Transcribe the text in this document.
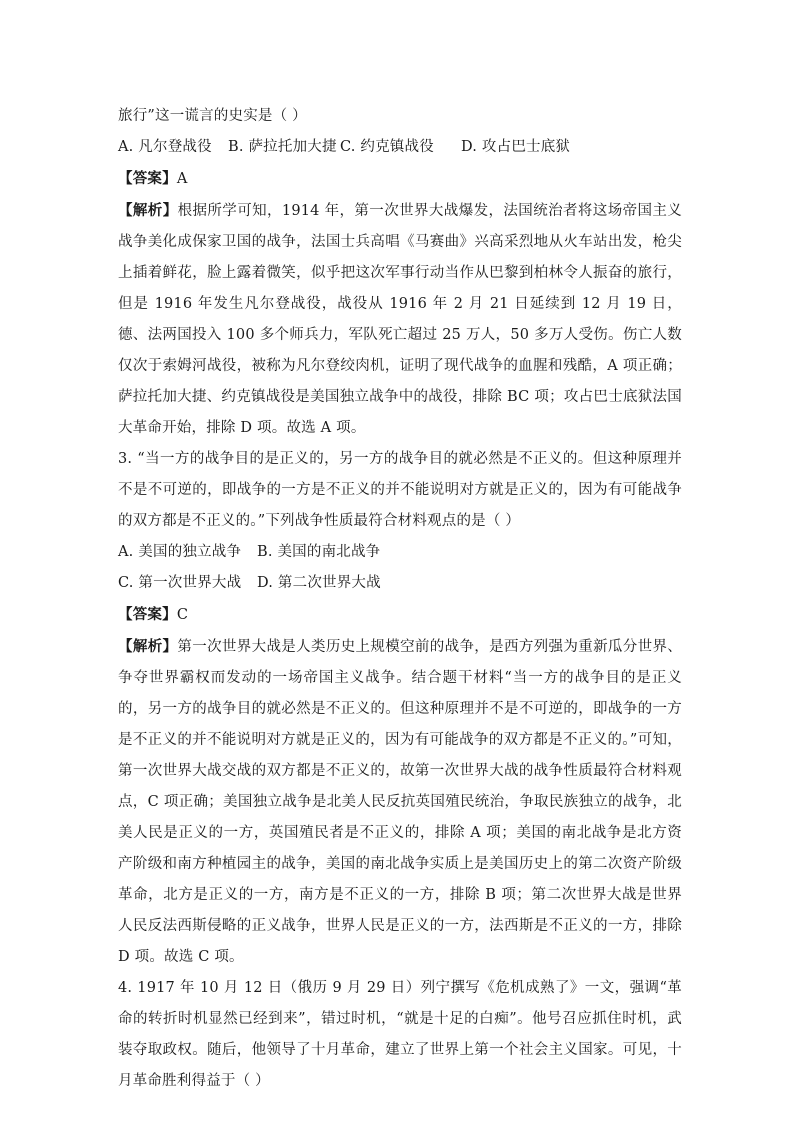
旅行”这一谎言的史实是（ ）

A. 凡尔登战役	B. 萨拉托加大捷 C. 约克镇战役	D. 攻占巴士底狱

【答案】A

【解析】根据所学可知，1914 年，第一次世界大战爆发，法国统治者将这场帝国主义战争美化成保家卫国的战争，法国士兵高唱《马赛曲》兴高采烈地从火车站出发，枪尖上插着鲜花，脸上露着微笑，似乎把这次军事行动当作从巴黎到柏林令人振奋的旅行，但是 1916 年发生凡尔登战役，战役从 1916 年 2 月 21 日延续到 12 月 19 日，德、法两国投入 100 多个师兵力，军队死亡超过 25 万人，50 多万人受伤。伤亡人数仅次于索姆河战役，被称为凡尔登绞肉机，证明了现代战争的血腥和残酷，A 项正确；萨拉托加大捷、约克镇战役是美国独立战争中的战役，排除 BC 项；攻占巴士底狱法国大革命开始，排除 D 项。故选 A 项。

3. “当一方的战争目的是正义的，另一方的战争目的就必然是不正义的。但这种原理并不是不可逆的，即战争的一方是不正义的并不能说明对方就是正义的，因为有可能战争的双方都是不正义的。”下列战争性质最符合材料观点的是（ ）

A. 美国的独立战争	B. 美国的南北战争
C. 第一次世界大战	D. 第二次世界大战

【答案】C

【解析】第一次世界大战是人类历史上规模空前的战争，是西方列强为重新瓜分世界、争夺世界霸权而发动的一场帝国主义战争。结合题干材料“当一方的战争目的是正义的，另一方的战争目的就必然是不正义的。但这种原理并不是不可逆的，即战争的一方是不正义的并不能说明对方就是正义的，因为有可能战争的双方都是不正义的。”可知，第一次世界大战交战的双方都是不正义的，故第一次世界大战的战争性质最符合材料观点，C 项正确；美国独立战争是北美人民反抗英国殖民统治，争取民族独立的战争，北美人民是正义的一方，英国殖民者是不正义的，排除 A 项；美国的南北战争是北方资产阶级和南方种植园主的战争，美国的南北战争实质上是美国历史上的第二次资产阶级革命，北方是正义的一方，南方是不正义的一方，排除 B 项；第二次世界大战是世界人民反法西斯侵略的正义战争，世界人民是正义的一方，法西斯是不正义的一方，排除 D 项。故选 C 项。

4. 1917 年 10 月 12 日（俄历 9 月 29 日）列宁撰写《危机成熟了》一文，强调“革命的转折时机显然已经到来”，错过时机，“就是十足的白痴”。他号召应抓住时机，武装夺取政权。随后，他领导了十月革命，建立了世界上第一个社会主义国家。可见，十月革命胜利得益于（ ）
